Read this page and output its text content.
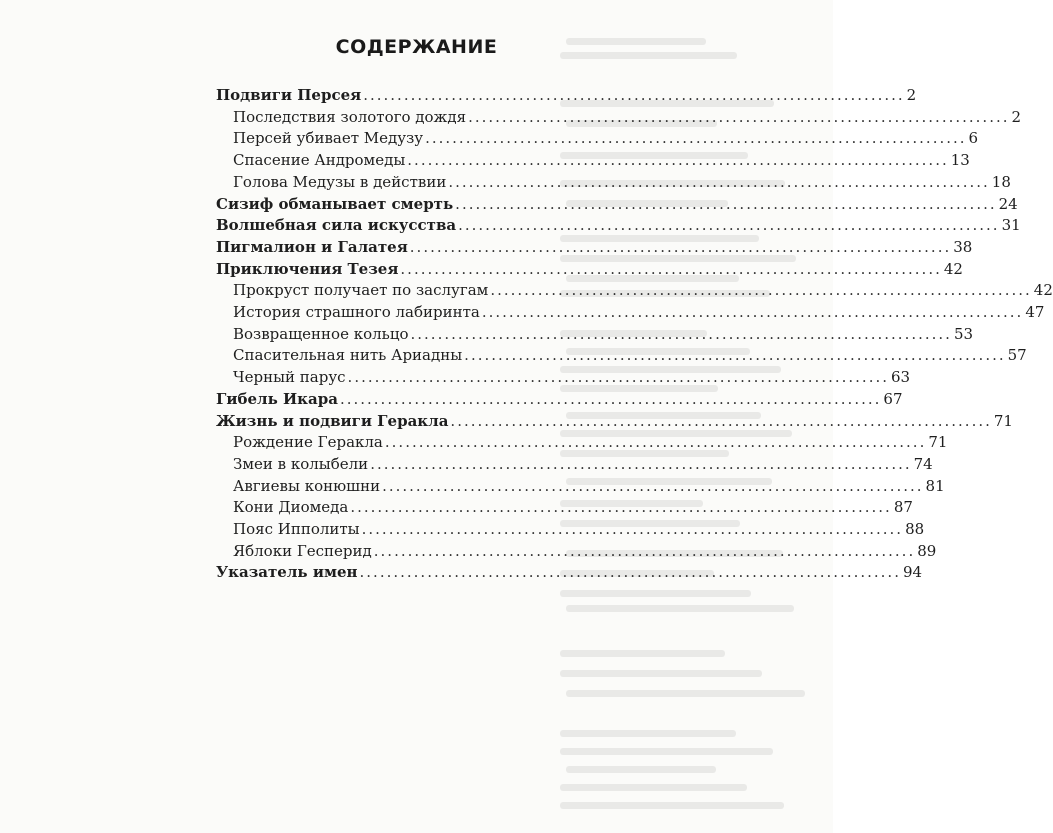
СОДЕРЖАНИЕ
Подвиги Персея ................................................................................ 2
Последствия золотого дождя ................................................................................ 2
Персей убивает Медузу ................................................................................ 6
Спасение Андромеды ................................................................................ 13
Голова Медузы в действии ................................................................................ 18
Сизиф обманывает смерть ................................................................................ 24
Волшебная сила искусства ................................................................................ 31
Пигмалион и Галатея ................................................................................ 38
Приключения Тезея ................................................................................ 42
Прокруст получает по заслугам ................................................................................ 42
История страшного лабиринта ................................................................................ 47
Возвращенное кольцо ................................................................................ 53
Спасительная нить Ариадны ................................................................................ 57
Черный парус ................................................................................ 63
Гибель Икара ................................................................................ 67
Жизнь и подвиги Геракла ................................................................................ 71
Рождение Геракла ................................................................................ 71
Змеи в колыбели ................................................................................ 74
Авгиевы конюшни ................................................................................ 81
Кони Диомеда ................................................................................ 87
Пояс Ипполиты ................................................................................ 88
Яблоки Гесперид ................................................................................ 89
Указатель имен ................................................................................ 94
